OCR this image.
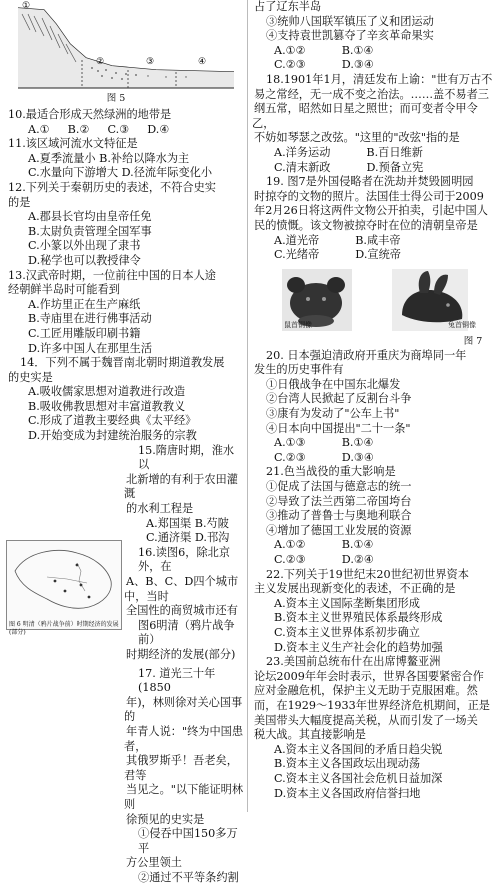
①
②	③	④
图 5
10.最适合形成天然绿洲的地带是
A.① B.② C.③ D.④
11.该区域河流水文特征是
A.夏季流量小 B.补给以降水为主
C.水量向下游增大 D.径流年际变化小
12.下列关于秦朝历史的表述，不符合史实
的是
A.郡县长官均由皇帝任免
B.太尉负责管理全国军事
C.小篆以外出现了隶书
D.秘学也可以教授律令
13.汉武帝时期，一位前往中国的日本人途
经朝鲜半岛时可能看到
A.作坊里正在生产麻纸
B.寺庙里在进行佛事活动
C.工匠用雕版印刷书籍
D.许多中国人在那里生活
14．下列不属于魏晋南北朝时期道教发展
的史实是
A.吸收儒家思想对道教进行改造
B.吸收佛教思想对丰富道教教义
C.形成了道教主要经典《太平经》
D.开始变成为封建统治服务的宗教
图 6 明清（鸦片战争前）时期经济的发展(部分)
15.隋唐时期，淮水以
北新增的有利于农田灌溉
的水利工程是
A.郑国渠 B.芍陂
C.通济渠 D.邗沟
16.读图6，除北京外，在
A、B、C、D四个城市中，当时
全国性的商贸城市还有
图6明清（鸦片战争前）
时期经济的发展(部分)
17. 道光三十年(1850
年)，林则徐对关心国事的
年青人说："终为中国患者，
其俄罗斯乎！吾老矣，君等
当见之。"以下能证明林则
徐预见的史实是
①侵吞中国150多万平
方公里领土
②通过不平等条约割
占了辽东半岛
③统帅八国联军镇压了义和团运动
④支持袁世凯篡夺了辛亥革命果实
A.①②	B.①④
C.②③	D.③④
18.1901年1月，清廷发布上谕："世有万古不
易之常经，无一成不变之治法。……盖不易者三
纲五常，昭然如日星之照世；而可变者令甲令乙，
不妨如琴瑟之改弦。"这里的"改弦"指的是
A.洋务运动	B.百日维新
C.清末新政	D.预备立宪
19. 图7是外国侵略者在洗劫并焚毁圆明园
时掠夺的文物的照片。法国佳士得公司于2009
年2月26日将这两件文物公开拍卖，引起中国人
民的愤慨。该文物被掠夺时在位的清朝皇帝是
A.道光帝	B.咸丰帝
C.光绪帝	D.宣统帝
鼠首铜像	兔首铜像
图 7
20. 日本强迫清政府开重庆为商埠同一年
发生的历史事件有
①日俄战争在中国东北爆发
②台湾人民掀起了反割台斗争
③康有为发动了"公车上书"
④日本向中国提出"二十一条"
A.①③	B.①④
C.②③	D.③④
21.色当战役的重大影响是
①促成了法国与德意志的统一
②导致了法兰西第二帝国垮台
③推动了普鲁士与奥地利联合
④增加了德国工业发展的资源
A.①②	B.①④
C.②③	D.②④
22.下列关于19世纪末20世纪初世界资本
主义发展出现新变化的表述，不正确的是
A.资本主义国际垄断集团形成
B.资本主义世界殖民体系最终形成
C.资本主义世界体系初步确立
D.资本主义生产社会化的趋势加强
23.美国前总统布什在出席博鳌亚洲
论坛2009年年会时表示，世界各国要紧密合作
应对金融危机，保护主义无助于克服困难。然
而，在1929～1933年世界经济危机期间，正是
美国带头大幅度提高关税，从而引发了一场关
税大战。其直接影响是
A.资本主义各国间的矛盾日趋尖锐
B.资本主义各国政坛出现动荡
C.资本主义各国社会危机日益加深
D.资本主义各国政府信誉扫地
